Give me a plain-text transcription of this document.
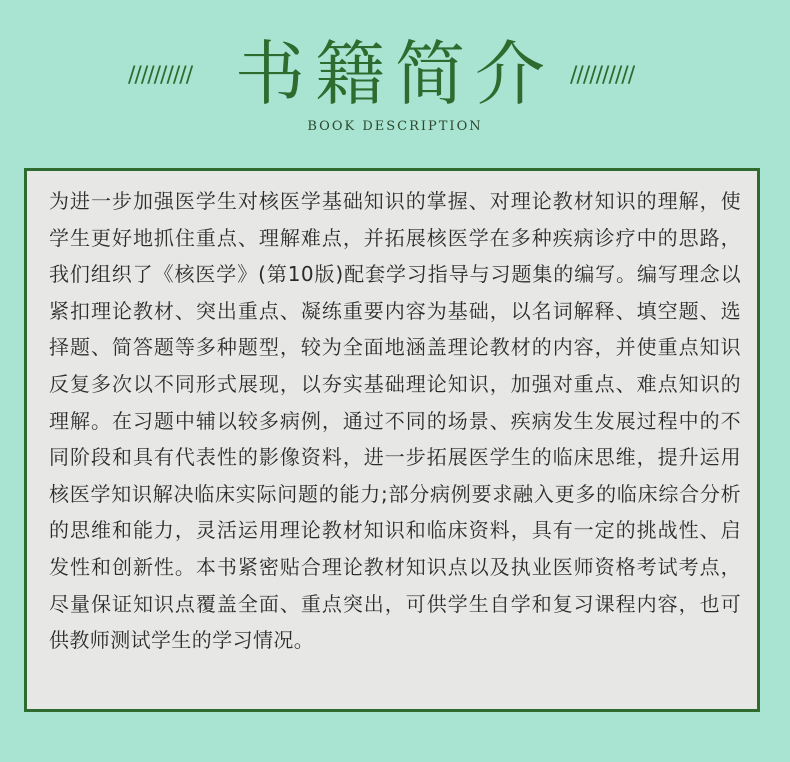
////////// 书籍简介 //////////
BOOK DESCRIPTION

为进一步加强医学生对核医学基础知识的掌握、对理论教材知识的理解，使学生更好地抓住重点、理解难点，并拓展核医学在多种疾病诊疗中的思路，我们组织了《核医学》(第10版)配套学习指导与习题集的编写。编写理念以紧扣理论教材、突出重点、凝练重要内容为基础，以名词解释、填空题、选择题、简答题等多种题型，较为全面地涵盖理论教材的内容，并使重点知识反复多次以不同形式展现，以夯实基础理论知识，加强对重点、难点知识的理解。在习题中辅以较多病例，通过不同的场景、疾病发生发展过程中的不同阶段和具有代表性的影像资料，进一步拓展医学生的临床思维，提升运用核医学知识解决临床实际问题的能力;部分病例要求融入更多的临床综合分析的思维和能力，灵活运用理论教材知识和临床资料，具有一定的挑战性、启发性和创新性。本书紧密贴合理论教材知识点以及执业医师资格考试考点，尽量保证知识点覆盖全面、重点突出，可供学生自学和复习课程内容，也可供教师测试学生的学习情况。
